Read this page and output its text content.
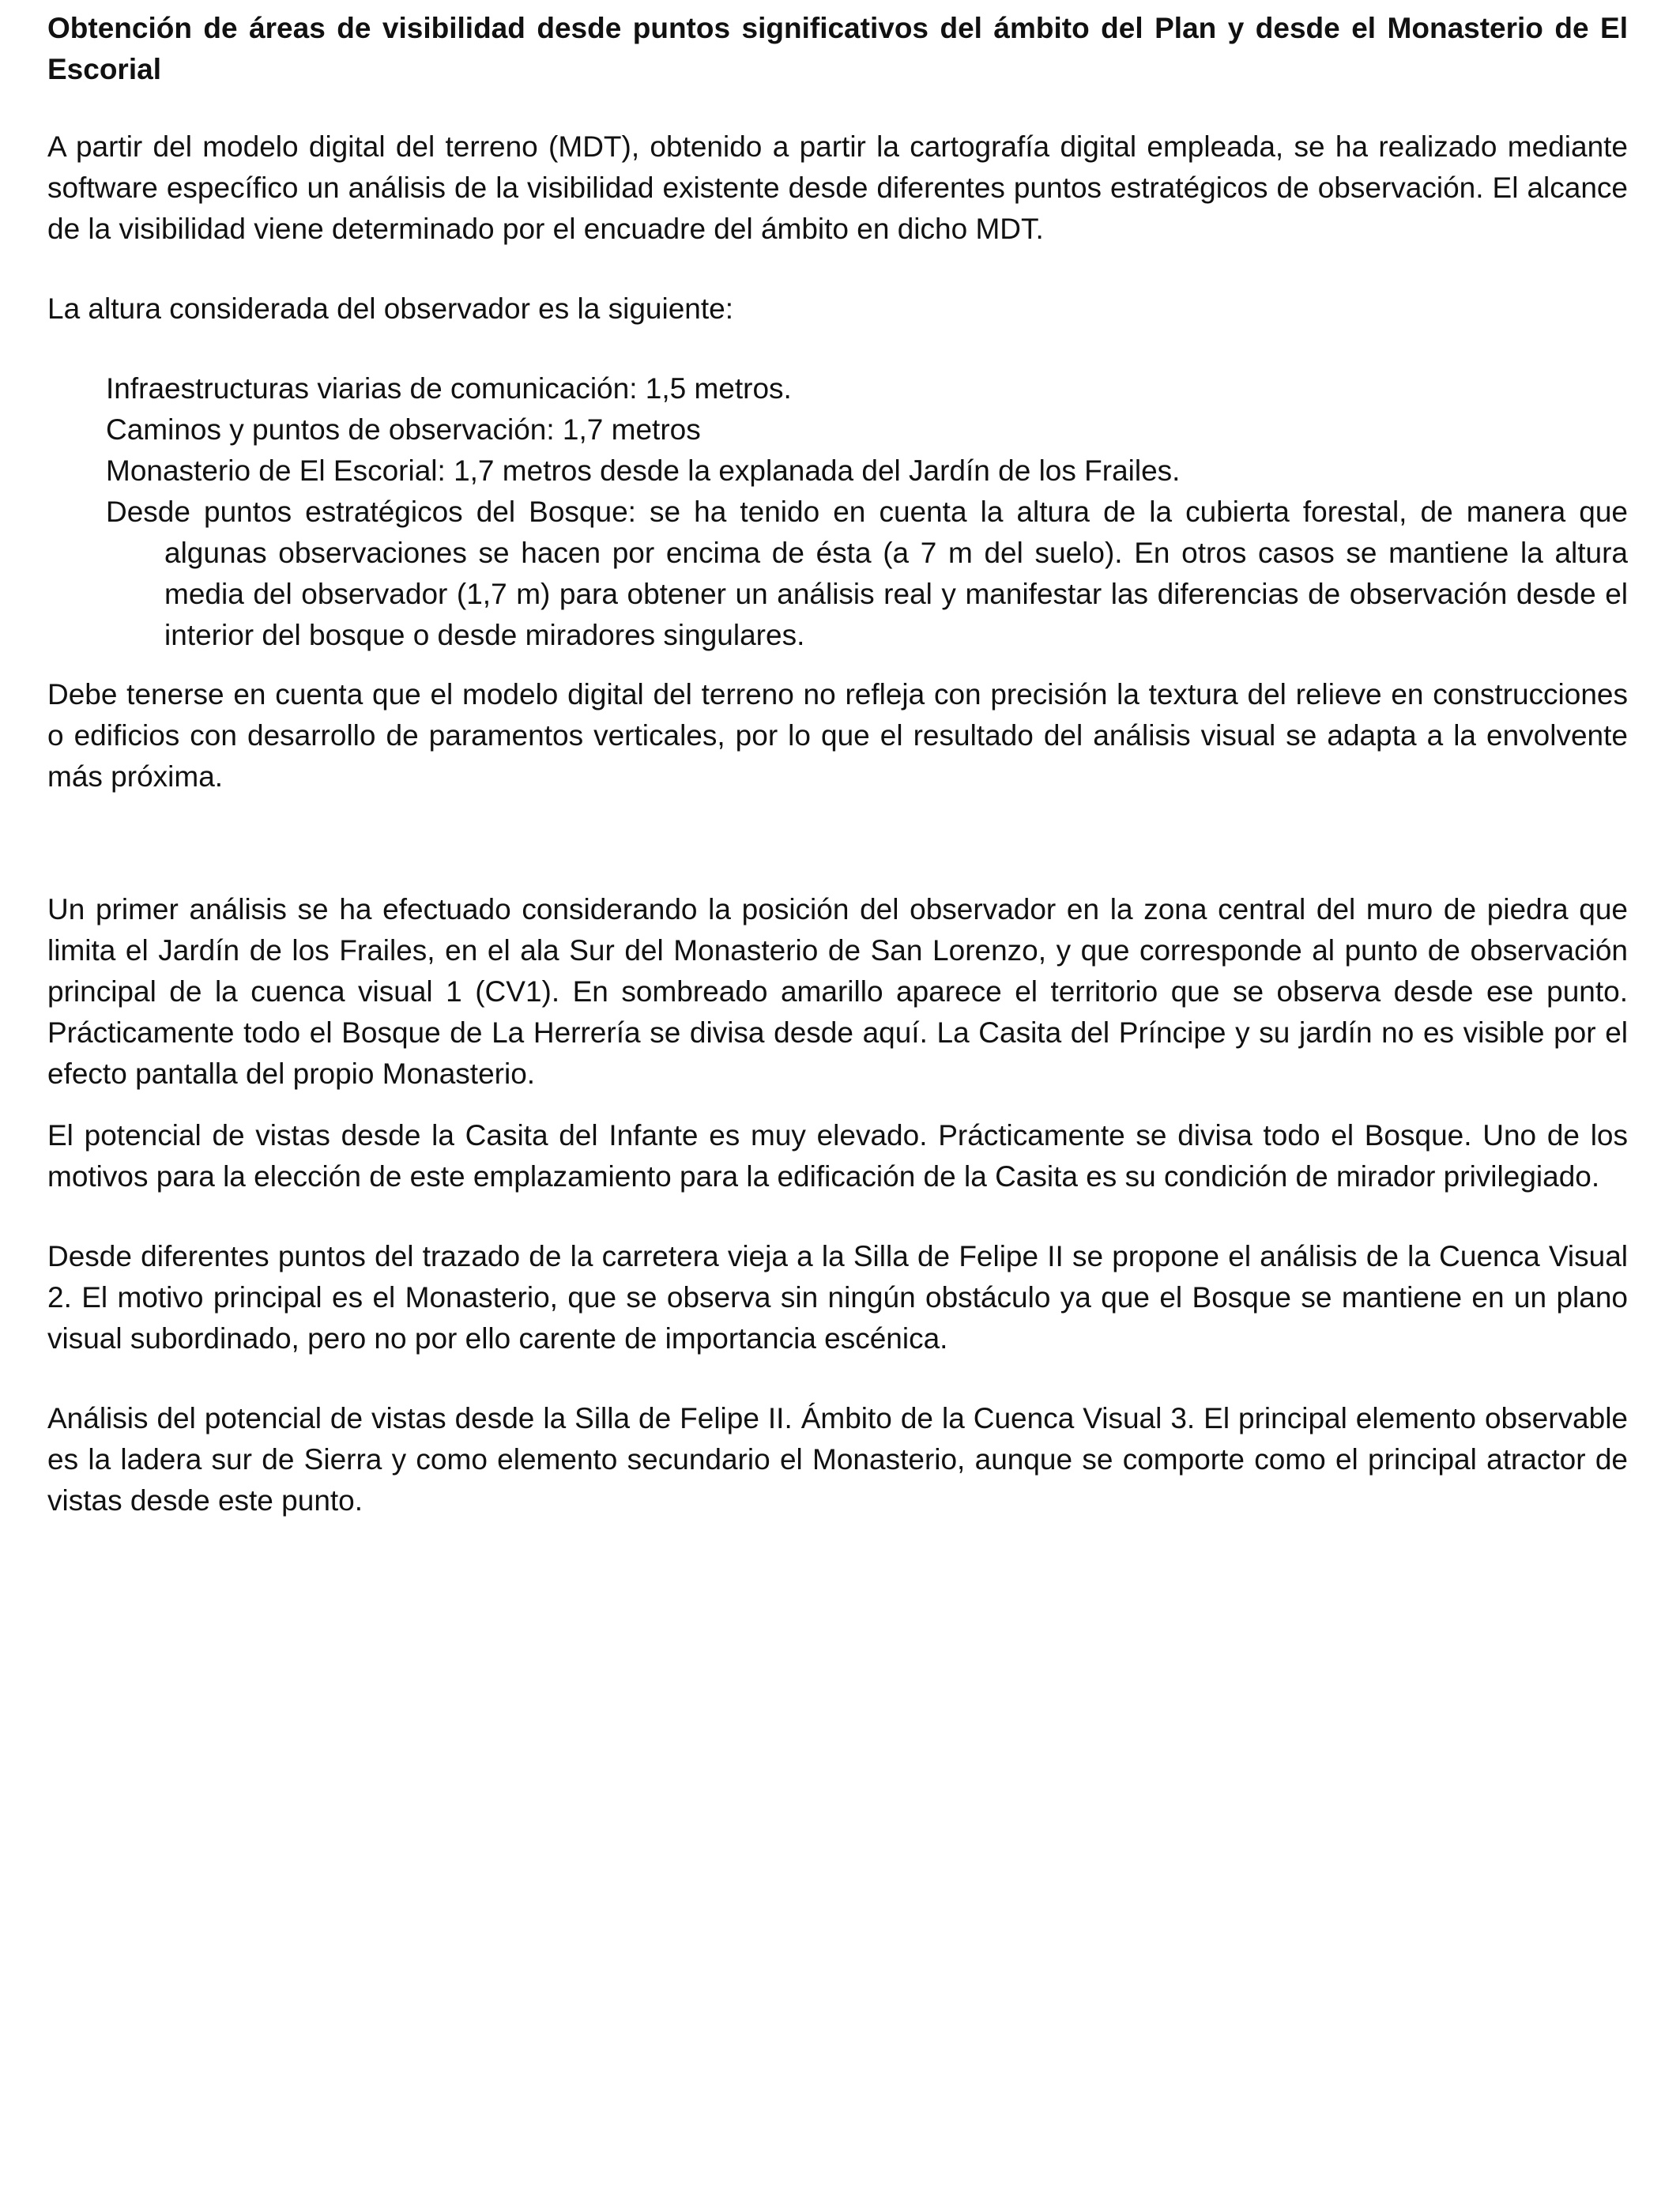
Obtención de áreas de visibilidad desde puntos significativos del ámbito del Plan y desde el Monasterio de El Escorial

A partir del modelo digital del terreno (MDT), obtenido a partir la cartografía digital empleada, se ha realizado mediante software específico un análisis de la visibilidad existente desde diferentes puntos estratégicos de observación. El alcance de la visibilidad viene determinado por el encuadre del ámbito en dicho MDT.

La altura considerada del observador es la siguiente:

Infraestructuras viarias de comunicación: 1,5 metros.
Caminos y puntos de observación: 1,7 metros
Monasterio de El Escorial: 1,7 metros desde la explanada del Jardín de los Frailes.
Desde puntos estratégicos del Bosque: se ha tenido en cuenta la altura de la cubierta forestal, de manera que algunas observaciones se hacen por encima de ésta (a 7 m del suelo). En otros casos se mantiene la altura media del observador (1,7 m) para obtener un análisis real y manifestar las diferencias de observación desde el interior del bosque o desde miradores singulares.

Debe tenerse en cuenta que el modelo digital del terreno no refleja con precisión la textura del relieve en construcciones o edificios con desarrollo de paramentos verticales, por lo que el resultado del análisis visual se adapta a la envolvente más próxima.

Un primer análisis se ha efectuado considerando la posición del observador en la zona central del muro de piedra que limita el Jardín de los Frailes, en el ala Sur del Monasterio de San Lorenzo, y que corresponde al punto de observación principal de la cuenca visual 1 (CV1). En sombreado amarillo aparece el territorio que se observa desde ese punto. Prácticamente todo el Bosque de La Herrería se divisa desde aquí. La Casita del Príncipe y su jardín no es visible por el efecto pantalla del propio Monasterio.

El potencial de vistas desde la Casita del Infante es muy elevado. Prácticamente se divisa todo el Bosque. Uno de los motivos para la elección de este emplazamiento para la edificación de la Casita es su condición de mirador privilegiado.

Desde diferentes puntos del trazado de la carretera vieja a la Silla de Felipe II se propone el análisis de la Cuenca Visual 2. El motivo principal es el Monasterio, que se observa sin ningún obstáculo ya que el Bosque se mantiene en un plano visual subordinado, pero no por ello carente de importancia escénica.

Análisis del potencial de vistas desde la Silla de Felipe II. Ámbito de la Cuenca Visual 3. El principal elemento observable es la ladera sur de Sierra y como elemento secundario el Monasterio, aunque se comporte como el principal atractor de vistas desde este punto.
